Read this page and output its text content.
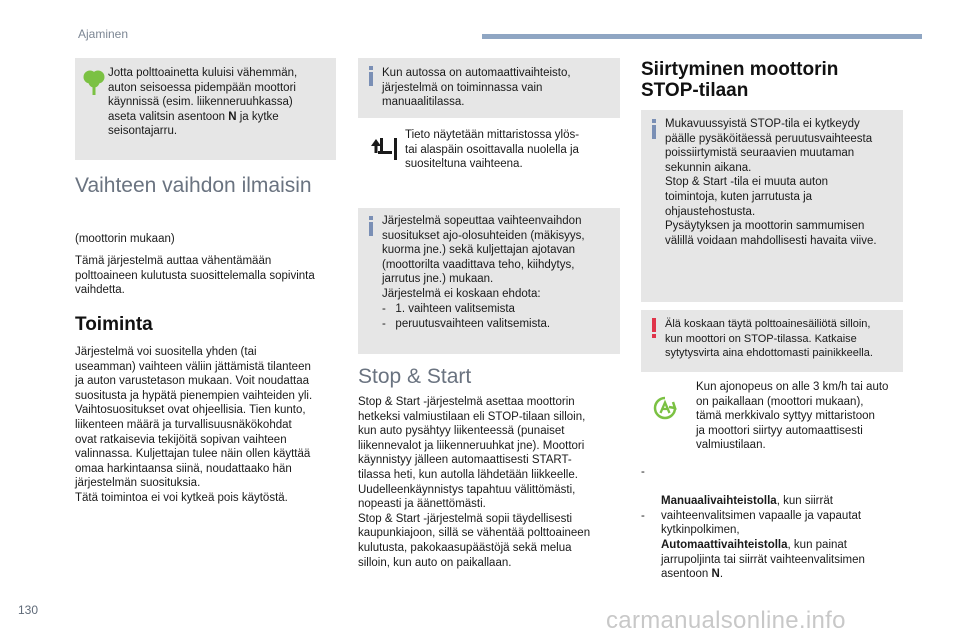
Ajaminen
Jotta polttoainetta kuluisi vähemmän,
auton seisoessa pidempään moottori
käynnissä (esim. liikenneruuhkassa)
aseta valitsin asentoon N ja kytke
seisontajarru.
Vaihteen vaihdon ilmaisin
(moottorin mukaan)
Tämä järjestelmä auttaa vähentämään
polttoaineen kulutusta suosittelemalla sopivinta
vaihdetta.
Toiminta
Järjestelmä voi suositella yhden (tai
useamman) vaihteen väliin jättämistä tilanteen
ja auton varustetason mukaan. Voit noudattaa
suositusta ja hypätä pienempien vaihteiden yli.
Vaihtosuositukset ovat ohjeellisia. Tien kunto,
liikenteen määrä ja turvallisuusnäkökohdat
ovat ratkaisevia tekijöitä sopivan vaihteen
valinnassa. Kuljettajan tulee näin ollen käyttää
omaa harkintaansa siinä, noudattaako hän
järjestelmän suosituksia.
Tätä toimintoa ei voi kytkeä pois käytöstä.
Kun autossa on automaattivaihteisto,
järjestelmä on toiminnassa vain
manuaalitilassa.
Tieto näytetään mittaristossa ylös-
tai alaspäin osoittavalla nuolella ja
suositeltuna vaihteena.
Järjestelmä sopeuttaa vaihteenvaihdon
suositukset ajo-olosuhteiden (mäkisyys,
kuorma jne.) sekä kuljettajan ajotavan
(moottorilta vaadittava teho, kiihdytys,
jarrutus jne.) mukaan.
Järjestelmä ei koskaan ehdota:
-   1. vaihteen valitsemista
-   peruutusvaihteen valitsemista.
Stop & Start
Stop & Start -järjestelmä asettaa moottorin
hetkeksi valmiustilaan eli STOP-tilaan silloin,
kun auto pysähtyy liikenteessä (punaiset
liikennevalot ja liikenneruuhkat jne). Moottori
käynnistyy jälleen automaattisesti START-
tilassa heti, kun autolla lähdetään liikkeelle.
Uudelleenkäynnistys tapahtuu välittömästi,
nopeasti ja äänettömästi.
Stop & Start -järjestelmä sopii täydellisesti
kaupunkiajoon, sillä se vähentää polttoaineen
kulutusta, pakokaasupäästöjä sekä melua
silloin, kun auto on paikallaan.
Siirtyminen moottorin
STOP-tilaan
Mukavuussyistä STOP-tila ei kytkeydy
päälle pysäköitäessä peruutusvaihteesta
poissiirtymistä seuraavien muutaman
sekunnin aikana.
Stop & Start -tila ei muuta auton
toimintoja, kuten jarrutusta ja
ohjaustehostusta.
Pysäytyksen ja moottorin sammumisen
välillä voidaan mahdollisesti havaita viive.
Älä koskaan täytä polttoainesäiliötä silloin,
kun moottori on STOP-tilassa. Katkaise
sytytysvirta aina ehdottomasti painikkeella.
Kun ajonopeus on alle 3 km/h tai auto
on paikallaan (moottori mukaan),
tämä merkkivalo syttyy mittaristoon
ja moottori siirtyy automaattisesti
valmiustilaan.

-

Manuaalivaihteistolla, kun siirrät
vaihteenvalitsimen vapaalle ja vapautat
kytkinpolkimen,

-

Automaattivaihteistolla, kun painat
jarrupoljinta tai siirrät vaihteenvalitsimen
asentoon N.

130	carmanualsonline.info
